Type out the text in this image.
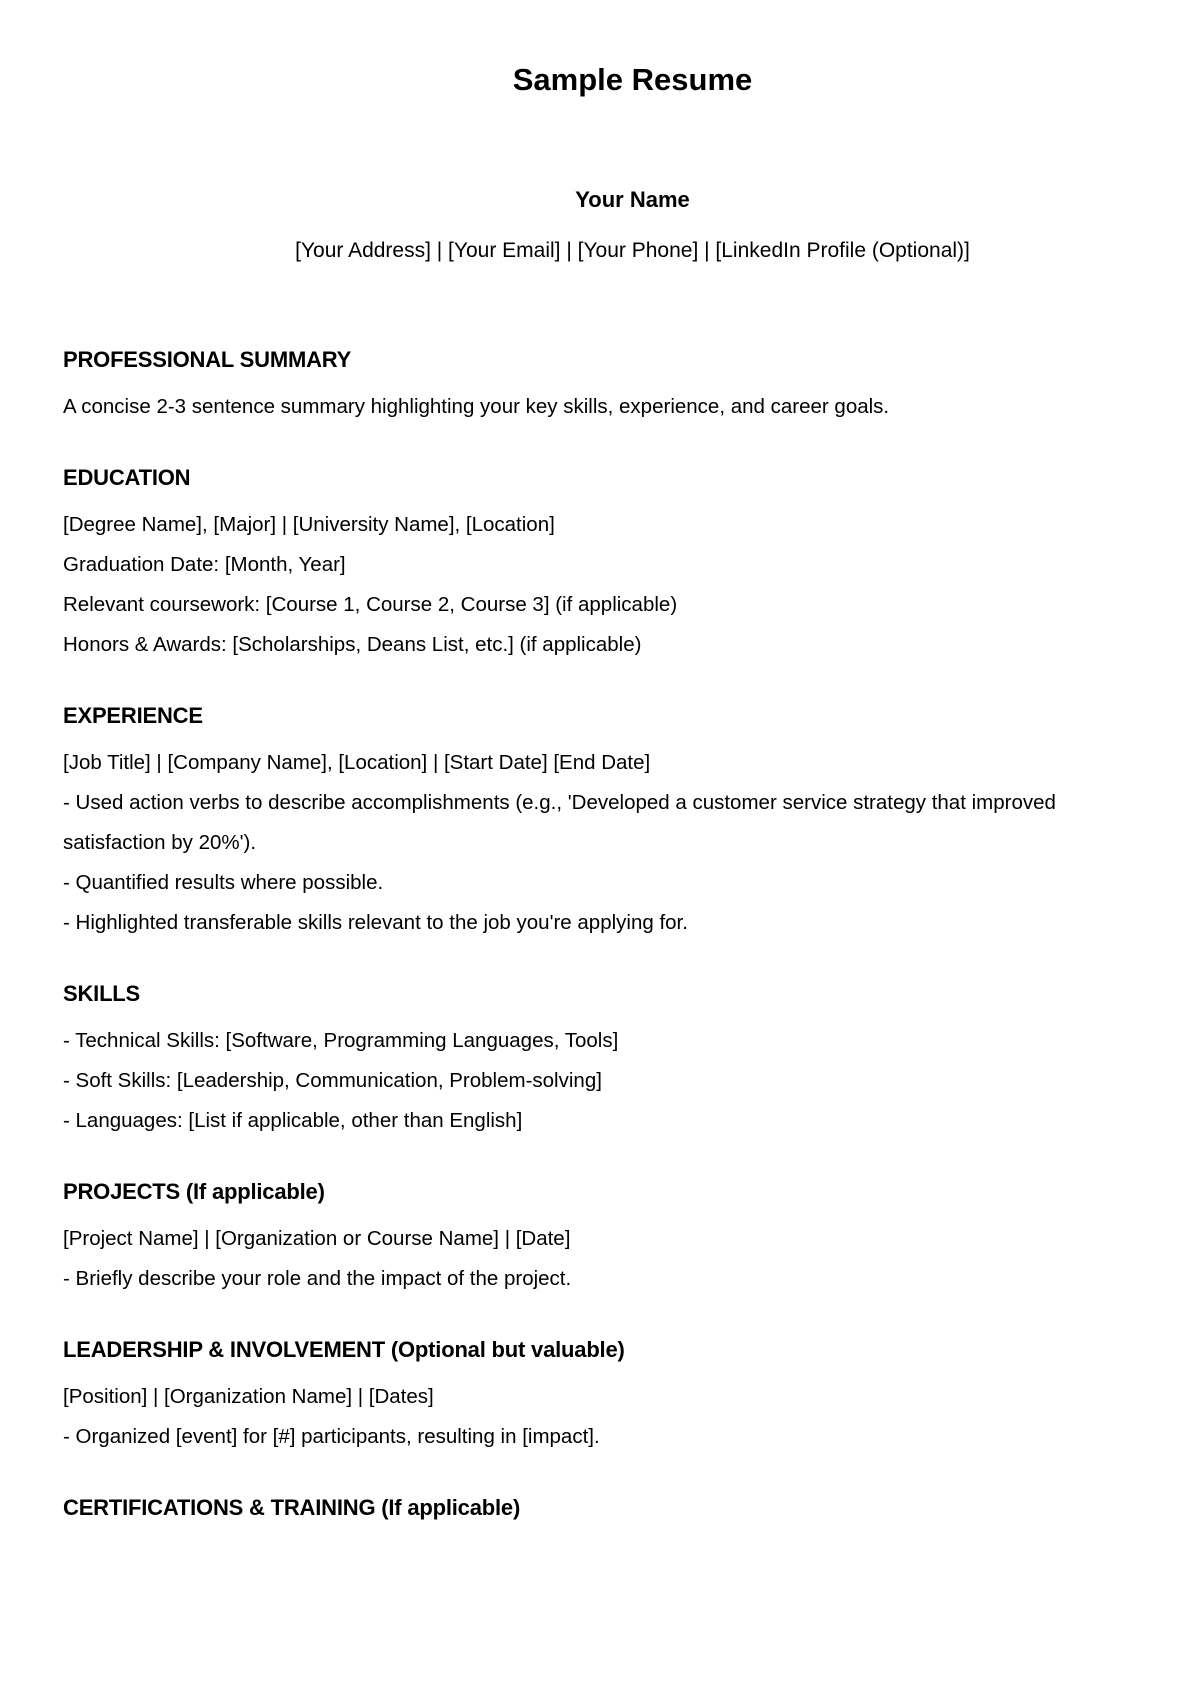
Sample Resume

Your Name

[Your Address] | [Your Email] | [Your Phone] | [LinkedIn Profile (Optional)]

PROFESSIONAL SUMMARY

A concise 2-3 sentence summary highlighting your key skills, experience, and career goals.

EDUCATION

[Degree Name], [Major] | [University Name], [Location]

Graduation Date: [Month, Year]

Relevant coursework: [Course 1, Course 2, Course 3] (if applicable)

Honors & Awards: [Scholarships, Deans List, etc.] (if applicable)

EXPERIENCE

[Job Title] | [Company Name], [Location] | [Start Date] [End Date]

- Used action verbs to describe accomplishments (e.g., 'Developed a customer service strategy that improved satisfaction by 20%').

- Quantified results where possible.

- Highlighted transferable skills relevant to the job you're applying for.

SKILLS

- Technical Skills: [Software, Programming Languages, Tools]

- Soft Skills: [Leadership, Communication, Problem-solving]

- Languages: [List if applicable, other than English]

PROJECTS (If applicable)

[Project Name] | [Organization or Course Name] | [Date]

- Briefly describe your role and the impact of the project.

LEADERSHIP & INVOLVEMENT (Optional but valuable)

[Position] | [Organization Name] | [Dates]

- Organized [event] for [#] participants, resulting in [impact].

CERTIFICATIONS & TRAINING (If applicable)
